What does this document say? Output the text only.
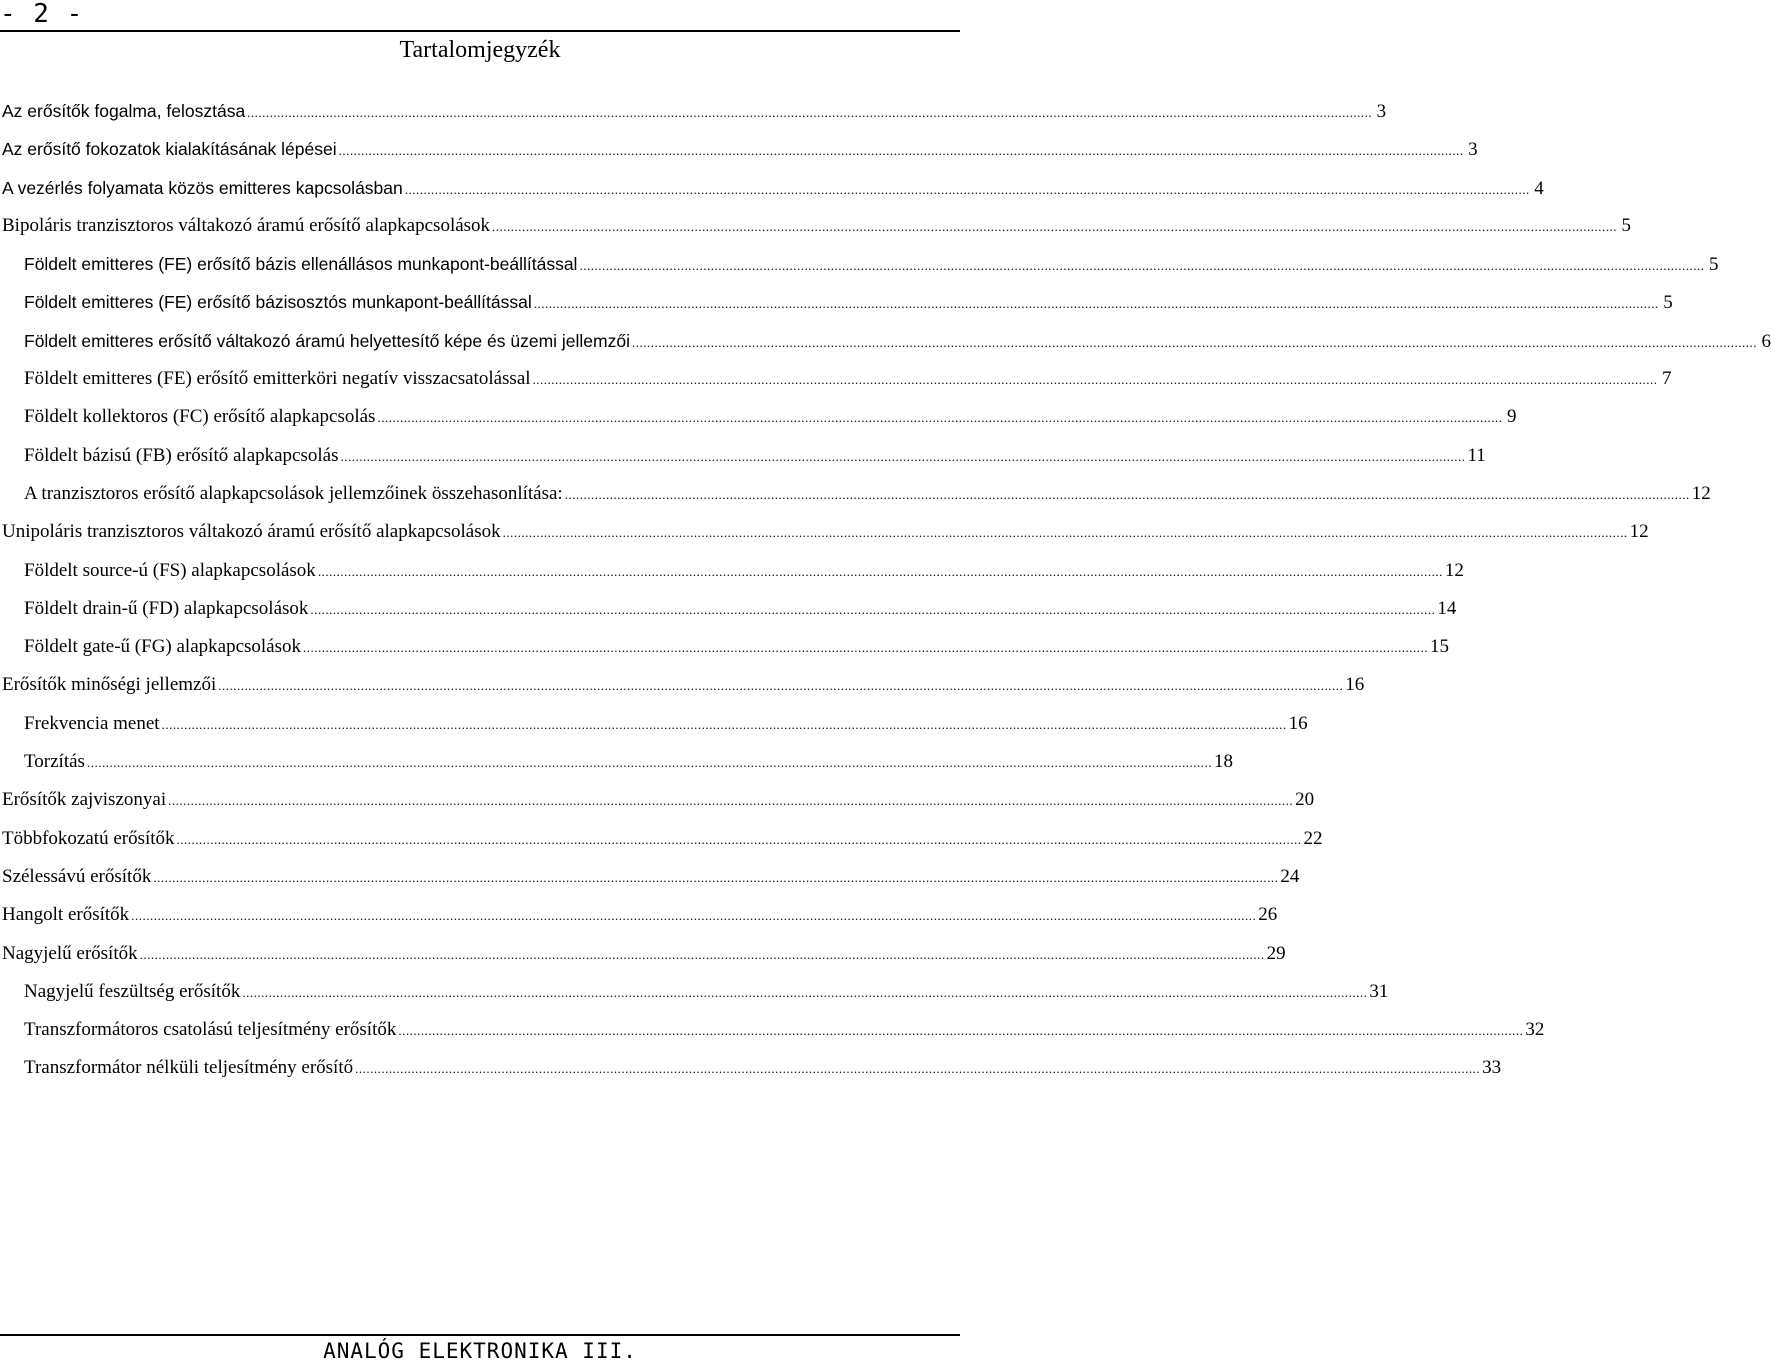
- 2 -
Tartalomjegyzék
Az erősítők fogalma, felosztása ............................................................................................................................................................................................................................................................................................................ 3
Az erősítő fokozatok kialakításának lépései ............................................................................................................................................................................................................................................................................................................ 3
A vezérlés folyamata közös emitteres kapcsolásban ............................................................................................................................................................................................................................................................................................................ 4
Bipoláris tranzisztoros váltakozó áramú erősítő alapkapcsolások ............................................................................................................................................................................................................................................................................................................ 5
Földelt emitteres (FE) erősítő bázis ellenállásos munkapont-beállítással ............................................................................................................................................................................................................................................................................................................ 5
Földelt emitteres (FE) erősítő bázisosztós munkapont-beállítással ............................................................................................................................................................................................................................................................................................................ 5
Földelt emitteres erősítő váltakozó áramú helyettesítő képe és üzemi jellemzői ............................................................................................................................................................................................................................................................................................................ 6
Földelt emitteres (FE) erősítő emitterköri negatív visszacsatolással ............................................................................................................................................................................................................................................................................................................ 7
Földelt kollektoros (FC) erősítő alapkapcsolás ............................................................................................................................................................................................................................................................................................................ 9
Földelt bázisú (FB) erősítő alapkapcsolás ............................................................................................................................................................................................................................................................................................................ 11
A tranzisztoros erősítő alapkapcsolások jellemzőinek összehasonlítása: ............................................................................................................................................................................................................................................................................................................ 12
Unipoláris tranzisztoros váltakozó áramú erősítő alapkapcsolások ............................................................................................................................................................................................................................................................................................................ 12
Földelt source-ú (FS) alapkapcsolások ............................................................................................................................................................................................................................................................................................................ 12
Földelt drain-ű (FD) alapkapcsolások ............................................................................................................................................................................................................................................................................................................ 14
Földelt gate-ű (FG) alapkapcsolások ............................................................................................................................................................................................................................................................................................................ 15
Erősítők minőségi jellemzői ............................................................................................................................................................................................................................................................................................................ 16
Frekvencia menet ............................................................................................................................................................................................................................................................................................................ 16
Torzítás ............................................................................................................................................................................................................................................................................................................ 18
Erősítők zajviszonyai ............................................................................................................................................................................................................................................................................................................ 20
Többfokozatú erősítők ............................................................................................................................................................................................................................................................................................................ 22
Szélessávú erősítők ............................................................................................................................................................................................................................................................................................................ 24
Hangolt erősítők ............................................................................................................................................................................................................................................................................................................ 26
Nagyjelű erősítők ............................................................................................................................................................................................................................................................................................................ 29
Nagyjelű feszültség erősítők ............................................................................................................................................................................................................................................................................................................ 31
Transzformátoros csatolású teljesítmény erősítők ............................................................................................................................................................................................................................................................................................................ 32
Transzformátor nélküli teljesítmény erősítő ............................................................................................................................................................................................................................................................................................................ 33
ANALÓG ELEKTRONIKA III.
